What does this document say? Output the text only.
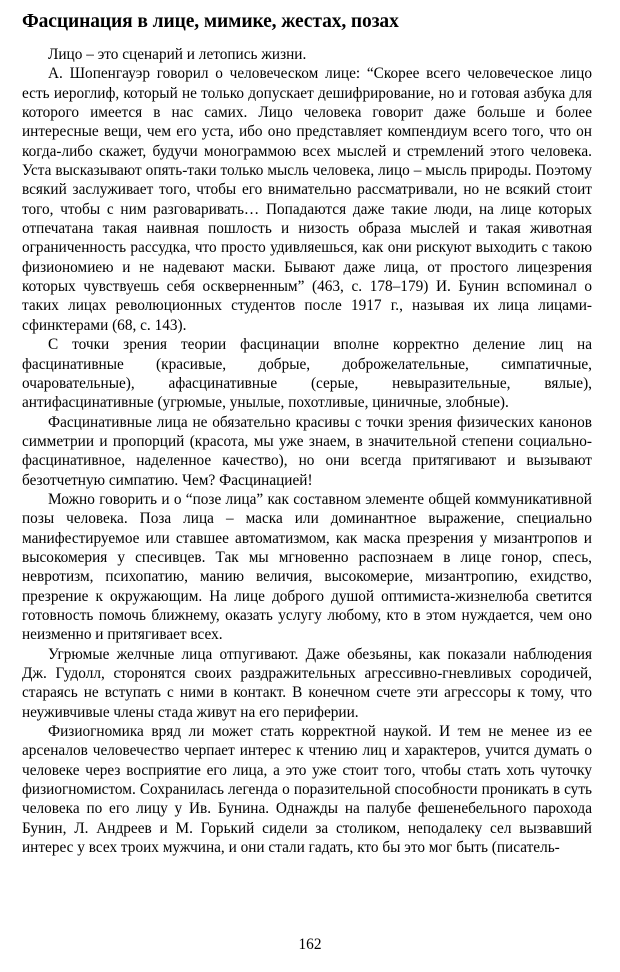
Фасцинация в лице, мимике, жестах, позах

Лицо – это сценарий и летопись жизни.

А. Шопенгауэр говорил о человеческом лице: “Скорее всего человеческое лицо есть иероглиф, который не только допускает дешифрирование, но и готовая азбука для которого имеется в нас самих. Лицо человека говорит даже больше и более интересные вещи, чем его уста, ибо оно представляет компендиум всего того, что он когда-либо скажет, будучи монограммою всех мыслей и стремлений этого человека. Уста высказывают опять-таки только мысль человека, лицо – мысль природы. Поэтому всякий заслуживает того, чтобы его внимательно рассматривали, но не всякий стоит того, чтобы с ним разговаривать… Попадаются даже такие люди, на лице которых отпечатана такая наивная пошлость и низость образа мыслей и такая животная ограниченность рассудка, что просто удивляешься, как они рискуют выходить с такою физиономиею и не надевают маски. Бывают даже лица, от простого лицезрения которых чувствуешь себя оскверненным” (463, с. 178–179) И. Бунин вспоминал о таких лицах революционных студентов после 1917 г., называя их лица лицами-сфинктерами (68, с. 143).

С точки зрения теории фасцинации вполне корректно деление лиц на фасцинативные (красивые, добрые, доброжелательные, симпатичные, очаровательные), афасцинативные (серые, невыразительные, вялые), антифасцинативные (угрюмые, унылые, похотливые, циничные, злобные).

Фасцинативные лица не обязательно красивы с точки зрения физических канонов симметрии и пропорций (красота, мы уже знаем, в значительной степени социально-фасцинативное, наделенное качество), но они всегда притягивают и вызывают безотчетную симпатию. Чем? Фасцинацией!

Можно говорить и о “позе лица” как составном элементе общей коммуникативной позы человека. Поза лица – маска или доминантное выражение, специально манифестируемое или ставшее автоматизмом, как маска презрения у мизантропов и высокомерия у спесивцев. Так мы мгновенно распознаем в лице гонор, спесь, невротизм, психопатию, манию величия, высокомерие, мизантропию, ехидство, презрение к окружающим. На лице доброго душой оптимиста-жизнелюба светится готовность помочь ближнему, оказать услугу любому, кто в этом нуждается, чем оно неизменно и притягивает всех.

Угрюмые желчные лица отпугивают. Даже обезьяны, как показали наблюдения Дж. Гудолл, сторонятся своих раздражительных агрессивно-гневливых сородичей, стараясь не вступать с ними в контакт. В конечном счете эти агрессоры к тому, что неуживчивые члены стада живут на его периферии.

Физиогномика вряд ли может стать корректной наукой. И тем не менее из ее арсеналов человечество черпает интерес к чтению лиц и характеров, учится думать о человеке через восприятие его лица, а это уже стоит того, чтобы стать хоть чуточку физиогномистом. Сохранилась легенда о поразительной способности проникать в суть человека по его лицу у Ив. Бунина. Однажды на палубе фешенебельного парохода Бунин, Л. Андреев и М. Горький сидели за столиком, неподалеку сел вызвавший интерес у всех троих мужчина, и они стали гадать, кто бы это мог быть (писатель-

162
